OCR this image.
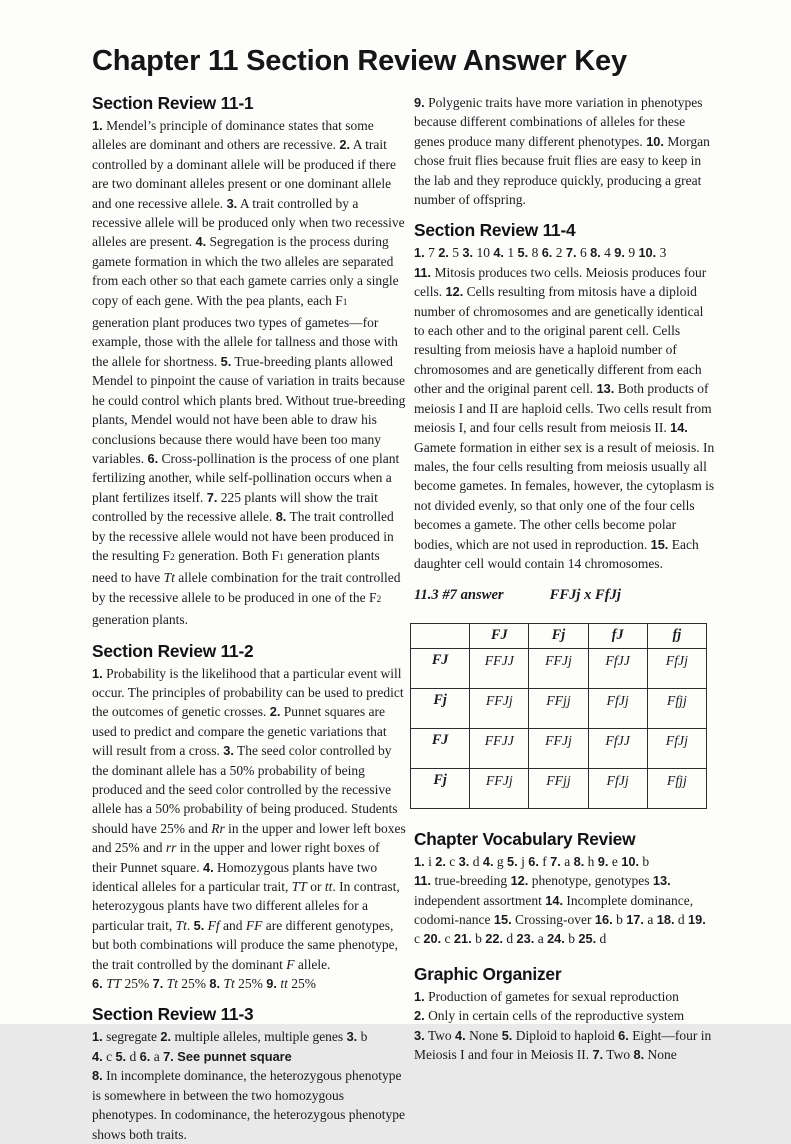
Chapter 11 Section Review Answer Key
Section Review 11-1

1. Mendel’s principle of dominance states that some alleles are dominant and others are recessive. 2. A trait controlled by a dominant allele will be produced if there are two dominant alleles present or one dominant allele and one recessive allele. 3. A trait controlled by a recessive allele will be produced only when two recessive alleles are present. 4. Segregation is the process during gamete formation in which the two alleles are separated from each other so that each gamete carries only a single copy of each gene. With the pea plants, each F1 generation plant produces two types of gametes—for example, those with the allele for tallness and those with the allele for shortness. 5. True-breeding plants allowed Mendel to pinpoint the cause of variation in traits because he could control which plants bred. Without true-breeding plants, Mendel would not have been able to draw his conclusions because there would have been too many variables. 6. Cross-pollination is the process of one plant fertilizing another, while self-pollination occurs when a plant fertilizes itself. 7. 225 plants will show the trait controlled by the recessive allele. 8. The trait controlled by the recessive allele would not have been produced in the resulting F2 generation. Both F1 generation plants need to have Tt allele combination for the trait controlled by the recessive allele to be produced in one of the F2 generation plants.

Section Review 11-2

1. Probability is the likelihood that a particular event will occur. The principles of probability can be used to predict the outcomes of genetic crosses. 2. Punnet squares are used to predict and compare the genetic variations that will result from a cross. 3. The seed color controlled by the dominant allele has a 50% probability of being produced and the seed color controlled by the recessive allele has a 50% probability of being produced. Students should have 25% and Rr in the upper and lower left boxes and 25% and rr in the upper and lower right boxes of their Punnet square. 4. Homozygous plants have two identical alleles for a particular trait, TT or tt. In contrast, heterozygous plants have two different alleles for a particular trait, Tt. 5. Ff and FF are different genotypes, but both combinations will produce the same phenotype, the trait controlled by the dominant F allele.
6. TT 25% 7. Tt 25% 8. Tt 25% 9. tt 25%

Section Review 11-3

1. segregate 2. multiple alleles, multiple genes 3. b
4. c 5. d 6. a 7. See punnet square
8. In incomplete dominance, the heterozygous phenotype is somewhere in between the two homozygous phenotypes. In codominance, the heterozygous phenotype shows both traits.

9. Polygenic traits have more variation in phenotypes because different combinations of alleles for these genes produce many different phenotypes. 10. Morgan chose fruit flies because fruit flies are easy to keep in the lab and they reproduce quickly, producing a great number of offspring.

Section Review 11-4

1. 7 2. 5 3. 10 4. 1 5. 8 6. 2 7. 6 8. 4 9. 9 10. 3
11. Mitosis produces two cells. Meiosis produces four cells. 12. Cells resulting from mitosis have a diploid number of chromosomes and are genetically identical to each other and to the original parent cell. Cells resulting from meiosis have a haploid number of chromosomes and are genetically different from each other and the original parent cell. 13. Both products of meiosis I and II are haploid cells. Two cells result from meiosis I, and four cells result from meiosis II. 14. Gamete formation in either sex is a result of meiosis. In males, the four cells resulting from meiosis usually all become gametes. In females, however, the cytoplasm is not divided evenly, so that only one of the four cells becomes a gamete. The other cells become polar bodies, which are not used in reproduction. 15. Each daughter cell would contain 14 chromosomes.

11.3 #7 answer	FFJj x FfJj
	FJ	Fj	fJ	fj
FJ	FFJJ	FFJj	FfJJ	FfJj
Fj	FFJj	FFjj	FfJj	Ffjj
FJ	FFJJ	FFJj	FfJJ	FfJj
Fj	FFJj	FFjj	FfJj	Ffjj
Chapter Vocabulary Review

1. i 2. c 3. d 4. g 5. j 6. f 7. a 8. h 9. e 10. b
11. true-breeding 12. phenotype, genotypes 13. independent assortment 14. Incomplete dominance, codomi-nance 15. Crossing-over 16. b 17. a 18. d 19. c 20. c 21. b 22. d 23. a 24. b 25. d

Graphic Organizer

1. Production of gametes for sexual reproduction
2. Only in certain cells of the reproductive system
3. Two 4. None 5. Diploid to haploid 6. Eight—four in Meiosis I and four in Meiosis II. 7. Two 8. None
